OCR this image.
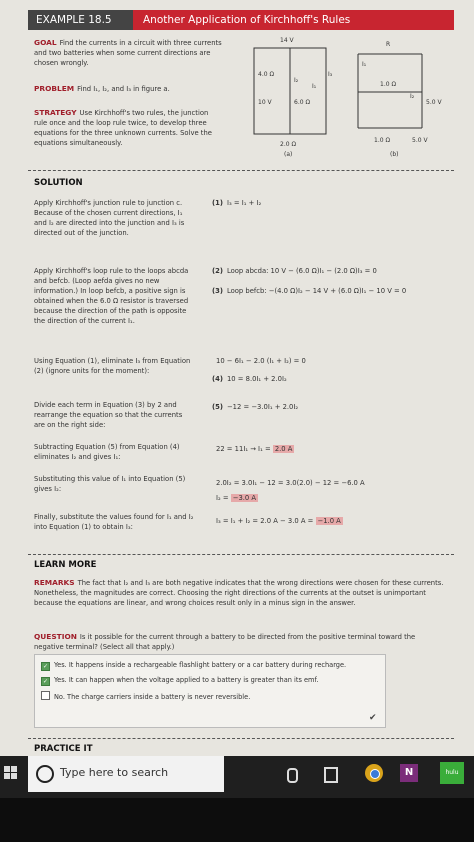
EXAMPLE 18.5	Another Application of Kirchhoff's Rules
GOAL Find the currents in a circuit with three currents and two batteries when some current directions are chosen wrongly.
PROBLEM Find I₁, I₂, and I₃ in figure a.
STRATEGY Use Kirchhoff's two rules, the junction rule once and the loop rule twice, to develop three equations for the three unknown currents. Solve the equations simultaneously.
14 V
4.0 Ω
10 V	6.0 Ω
2.0 Ω
I₁
I₂
I₃
(a)
R
1.0 Ω
5.0 V
1.0 Ω	5.0 V
I₁
I₂
(b)
SOLUTION
Apply Kirchhoff's junction rule to junction c. Because of the chosen current directions, I₁ and I₂ are directed into the junction and I₃ is directed out of the junction.
(1) I₃ = I₁ + I₂
Apply Kirchhoff's loop rule to the loops abcda and befcb. (Loop aefda gives no new information.) In loop befcb, a positive sign is obtained when the 6.0 Ω resistor is traversed because the direction of the path is opposite the direction of the current I₁.
(2) Loop abcda: 10 V − (6.0 Ω)I₁ − (2.0 Ω)I₃ = 0
(3) Loop befcb: −(4.0 Ω)I₂ − 14 V + (6.0 Ω)I₁ − 10 V = 0
Using Equation (1), eliminate I₃ from Equation (2) (ignore units for the moment):
10 − 6I₁ − 2.0 (I₁ + I₂) = 0
(4) 10 = 8.0I₁ + 2.0I₂
Divide each term in Equation (3) by 2 and rearrange the equation so that the currents are on the right side:
(5) −12 = −3.0I₁ + 2.0I₂
Subtracting Equation (5) from Equation (4) eliminates I₂ and gives I₁:
22 = 11I₁ → I₁ = 2.0 A
Substituting this value of I₁ into Equation (5) gives I₂:
2.0I₂ = 3.0I₁ − 12 = 3.0(2.0) − 12 = −6.0 A
I₂ = −3.0 A
Finally, substitute the values found for I₁ and I₂ into Equation (1) to obtain I₃:
I₃ = I₁ + I₂ = 2.0 A − 3.0 A = −1.0 A
LEARN MORE
REMARKS The fact that I₂ and I₃ are both negative indicates that the wrong directions were chosen for these currents. Nonetheless, the magnitudes are correct. Choosing the right directions of the currents at the outset is unimportant because the equations are linear, and wrong choices result only in a minus sign in the answer.
QUESTION Is it possible for the current through a battery to be directed from the positive terminal toward the negative terminal? (Select all that apply.)
✓ Yes. It happens inside a rechargeable flashlight battery or a car battery during recharge.
✓ Yes. It can happen when the voltage applied to a battery is greater than its emf.
No. The charge carriers inside a battery is never reversible.
✔
PRACTICE IT
Type here to search	N	hulu
